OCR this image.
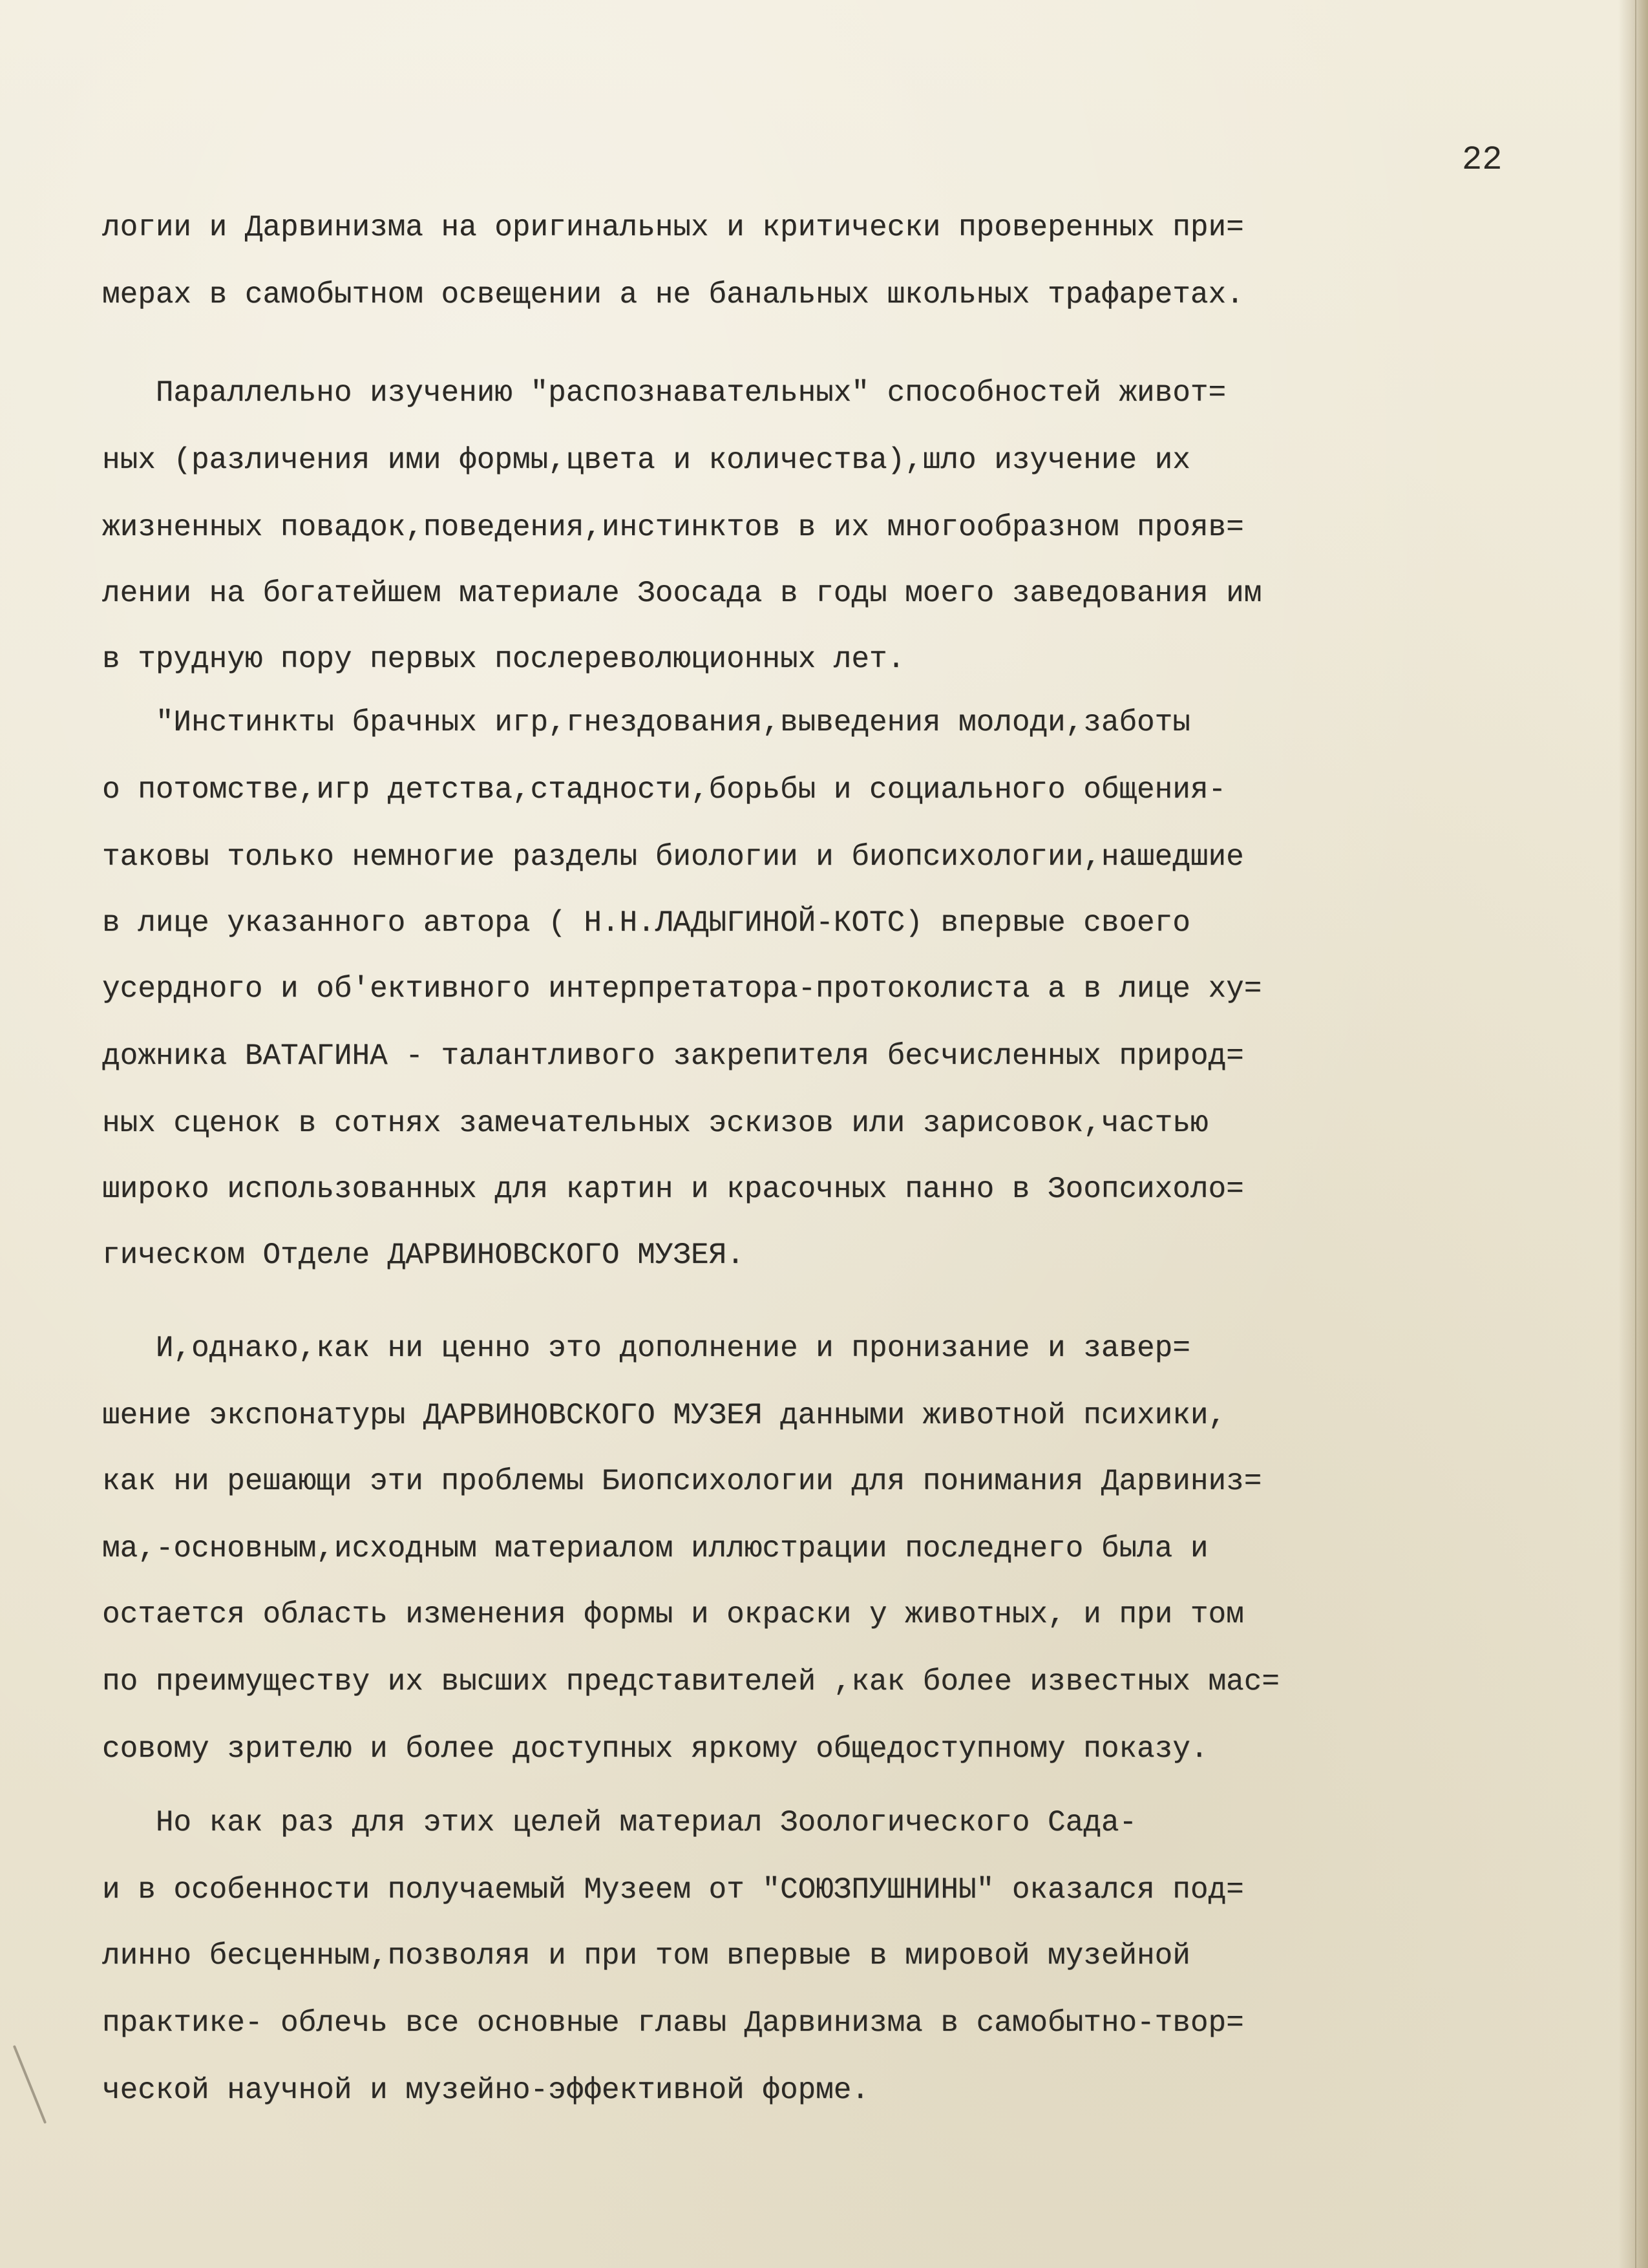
22

логии и Дарвинизма на оригинальных и критически проверенных при=

мерах в самобытном освещении а не банальных школьных трафаретах.

Параллельно изучению "распознавательных" способностей живот=

ных (различения ими формы,цвета и количества),шло изучение их

жизненных повадок,поведения,инстинктов в их многообразном прояв=

лении на богатейшем материале Зоосада в годы моего заведования им

в трудную пору первых послереволюционных лет.

"Инстинкты брачных игр,гнездования,выведения молоди,заботы

о потомстве,игр детства,стадности,борьбы и социального общения-

таковы только немногие разделы биологии и биопсихологии,нашедшие

в лице указанного автора ( Н.Н.ЛАДЫГИНОЙ-КОТС) впервые своего

усердного и об'ективного интерпретатора-протоколиста а в лице ху=

дожника ВАТАГИНА - талантливого закрепителя бесчисленных природ=

ных сценок в сотнях замечательных эскизов или зарисовок,частью

широко использованных для картин и красочных панно в Зоопсихоло=

гическом Отделе ДАРВИНОВСКОГО МУЗЕЯ.

И,однако,как ни ценно это дополнение и пронизание и завер=

шение экспонатуры ДАРВИНОВСКОГО МУЗЕЯ данными животной психики,

как ни решающи эти проблемы Биопсихологии для понимания Дарвиниз=

ма,-основным,исходным материалом иллюстрации последнего была и

остается область изменения формы и окраски у животных, и при том

по преимуществу их высших представителей ,как более известных мас=

совому зрителю и более доступных яркому общедоступному показу.

Но как раз для этих целей материал Зоологического Сада-

и в особенности получаемый Музеем от "СОЮЗПУШНИНЫ" оказался под=

линно бесценным,позволяя и при том впервые в мировой музейной

практике- облечь все основные главы Дарвинизма в самобытно-твор=

ческой научной и музейно-эффективной форме.
